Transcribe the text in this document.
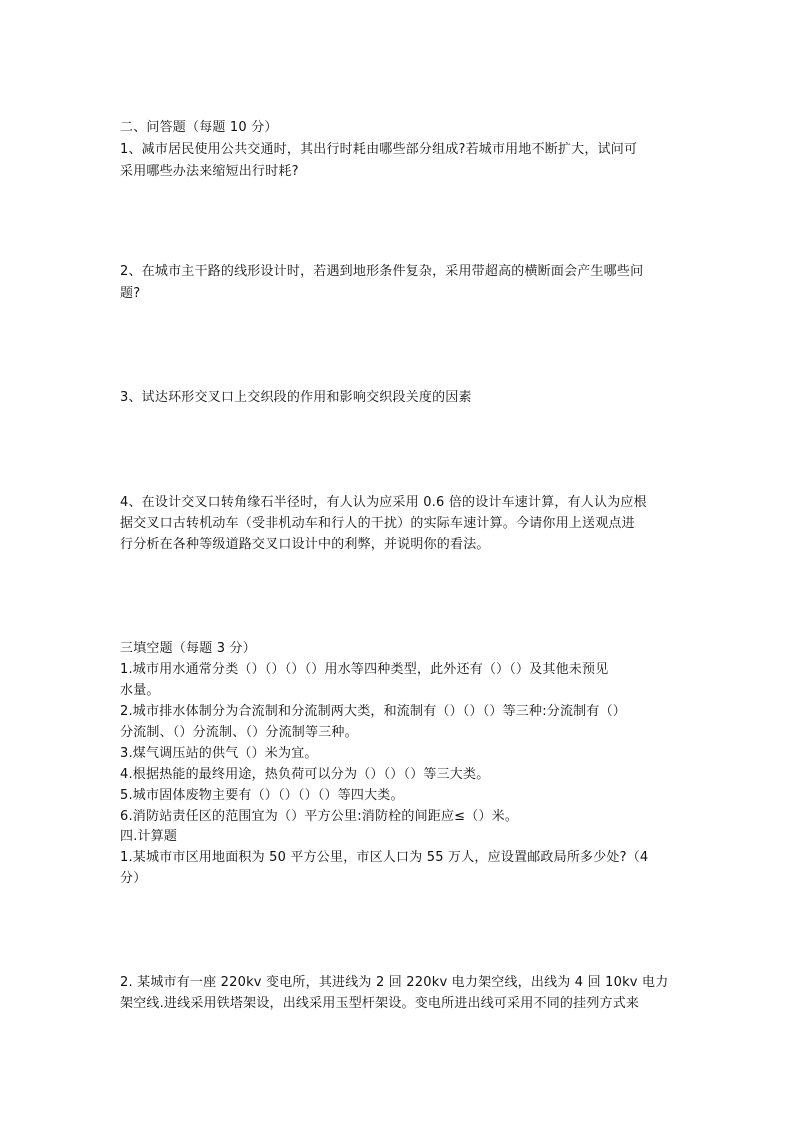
二、问答题（每题 10 分）
1、减市居民使用公共交通时，其出行时耗由哪些部分组成?若城市用地不断扩大，试问可
采用哪些办法来缩短出行时耗?
2、在城市主干路的线形设计时，若遇到地形条件复杂，采用带超高的横断面会产生哪些问
题?
3、试达环形交叉口上交织段的作用和影响交织段关度的因素
4、在设计交叉口转角缘石半径时，有人认为应采用 0.6 倍的设计车速计算，有人认为应根
据交叉口古转机动车（受非机动车和行人的干扰）的实际车速计算。今请你用上送观点进
行分析在各种等级道路交叉口设计中的利弊，并说明你的看法。
三填空题（每题 3 分）
1.城市用水通常分类（）（）（）（）用水等四种类型，此外还有（）（）及其他未预见
水量。
2.城市排水体制分为合流制和分流制两大类，和流制有（）（）（）等三种:分流制有（）
分流制、（）分流制、（）分流制等三种。
3.煤气调压站的供气（）米为宜。
4.根据热能的最终用途，热负荷可以分为（）（）（）等三大类。
5.城市固体废物主要有（）（）（）（）等四大类。
6.消防站责任区的范围宜为（）平方公里:消防栓的间距应≤（）米。
四.计算题
1.某城市市区用地面积为 50 平方公里，市区人口为 55 万人，应设置邮政局所多少处?（4
分）
2. 某城市有一座 220kv 变电所，其进线为 2 回 220kv 电力架空线，出线为 4 回 10kv 电力
架空线.进线采用铁塔架设，出线采用玉型杆架设。变电所进出线可采用不同的挂列方式来
